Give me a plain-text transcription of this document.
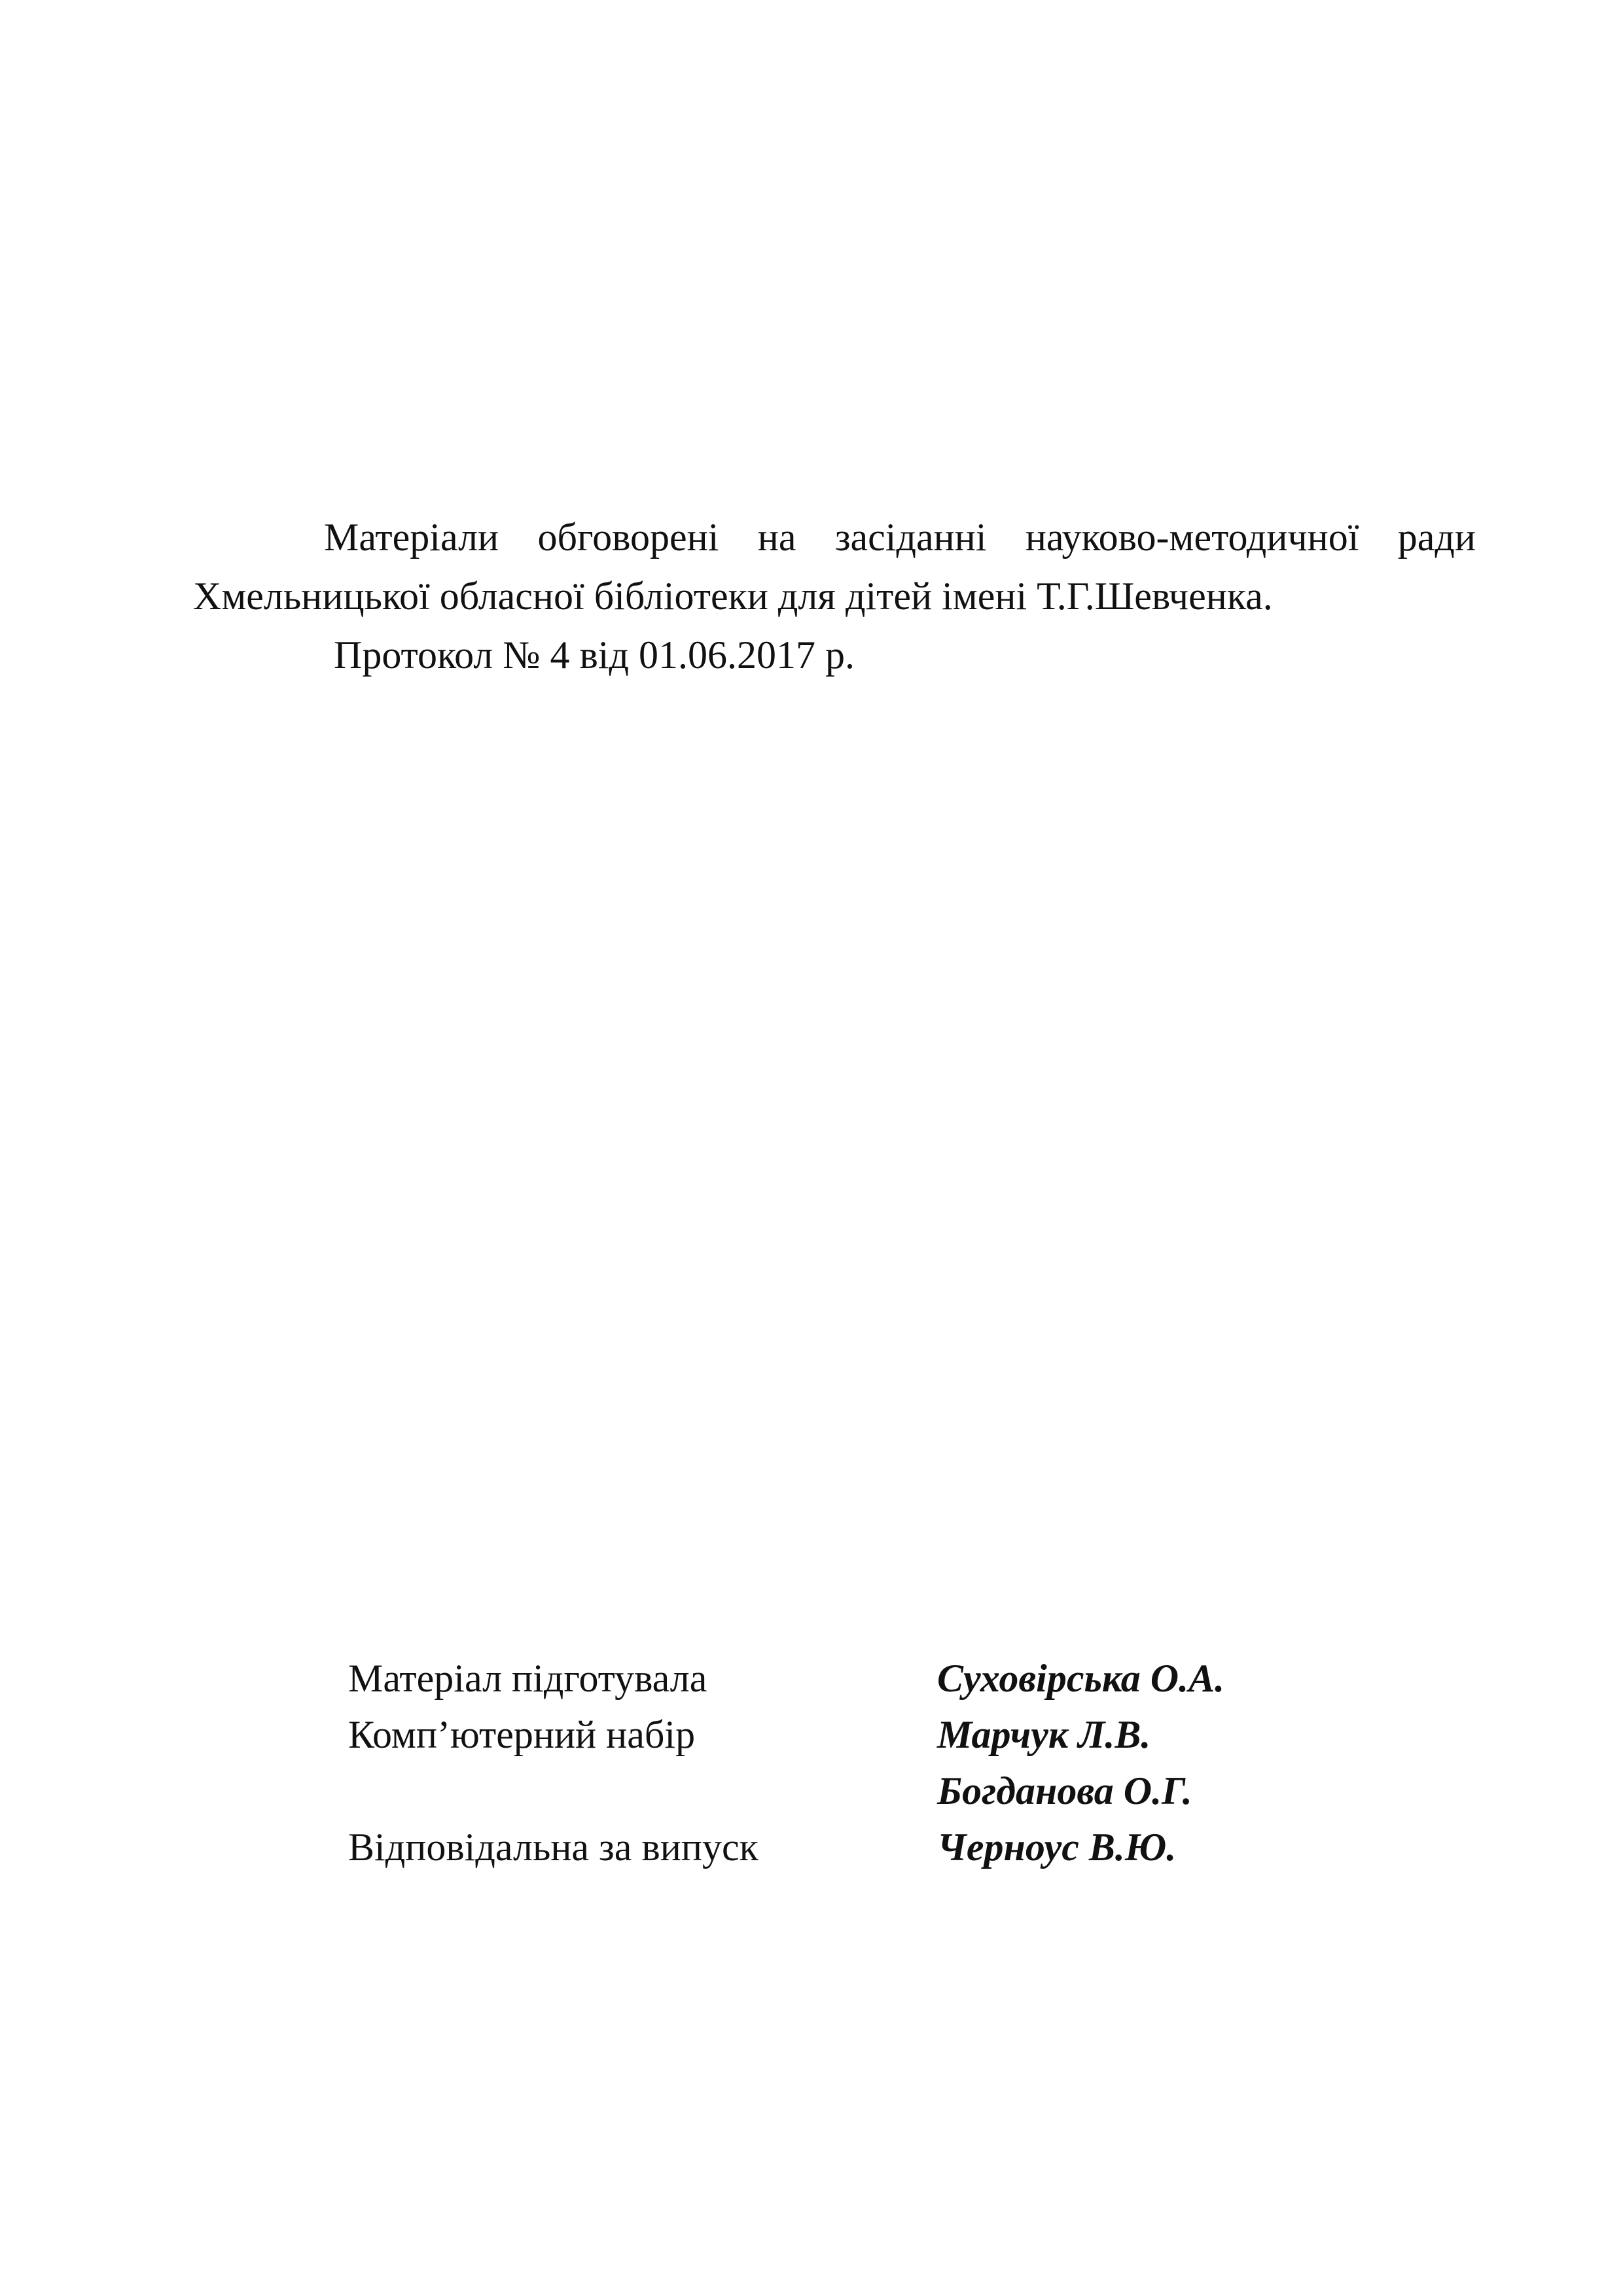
Матеріали обговорені на засіданні науково-методичної ради
Хмельницької обласної бібліотеки для дітей імені Т.Г.Шевченка.
Протокол № 4 від 01.06.2017 р.
Матеріал підготувала	Суховірська О.А.
Комп’ютерний набір	Марчук Л.В.
Богданова О.Г.
Відповідальна за випуск	Черноус В.Ю.
